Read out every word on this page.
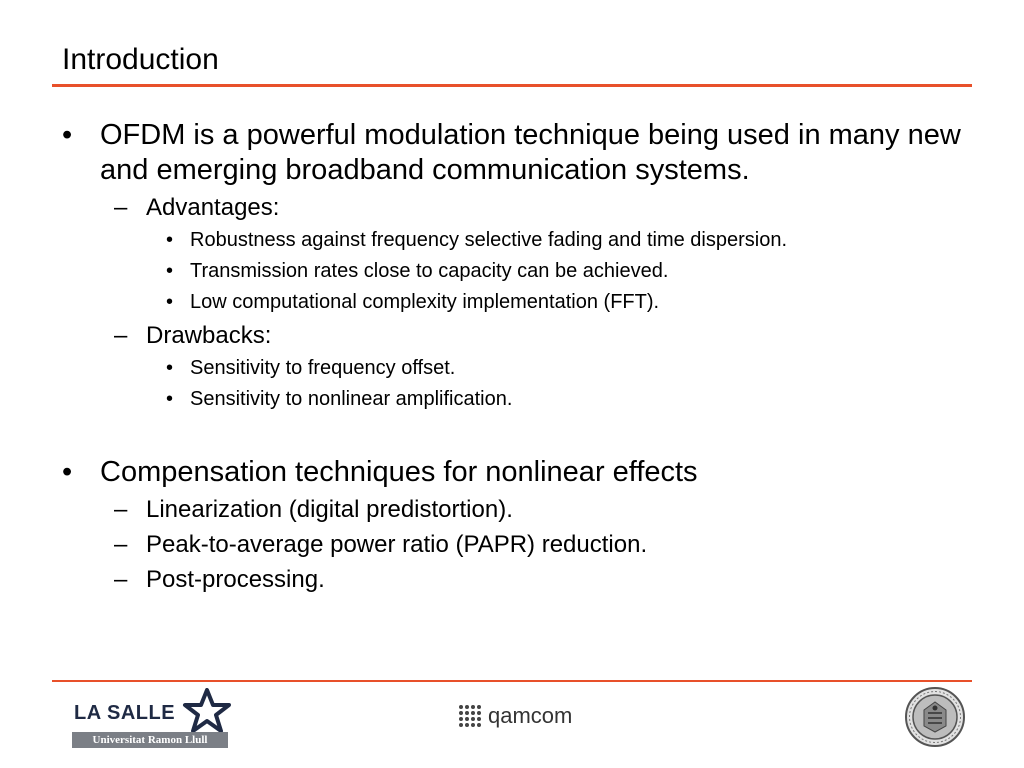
Introduction
• OFDM is a powerful modulation technique being used in many new and emerging broadband communication systems.
– Advantages:
• Robustness against frequency selective fading and time dispersion.
• Transmission rates close to capacity can be achieved.
• Low computational complexity implementation (FFT).
– Drawbacks:
• Sensitivity to frequency offset.
• Sensitivity to nonlinear amplification.
• Compensation techniques for nonlinear effects
– Linearization (digital predistortion).
– Peak-to-average power ratio (PAPR) reduction.
– Post-processing.
LA SALLE
Universitat Ramon Llull
qamcom
